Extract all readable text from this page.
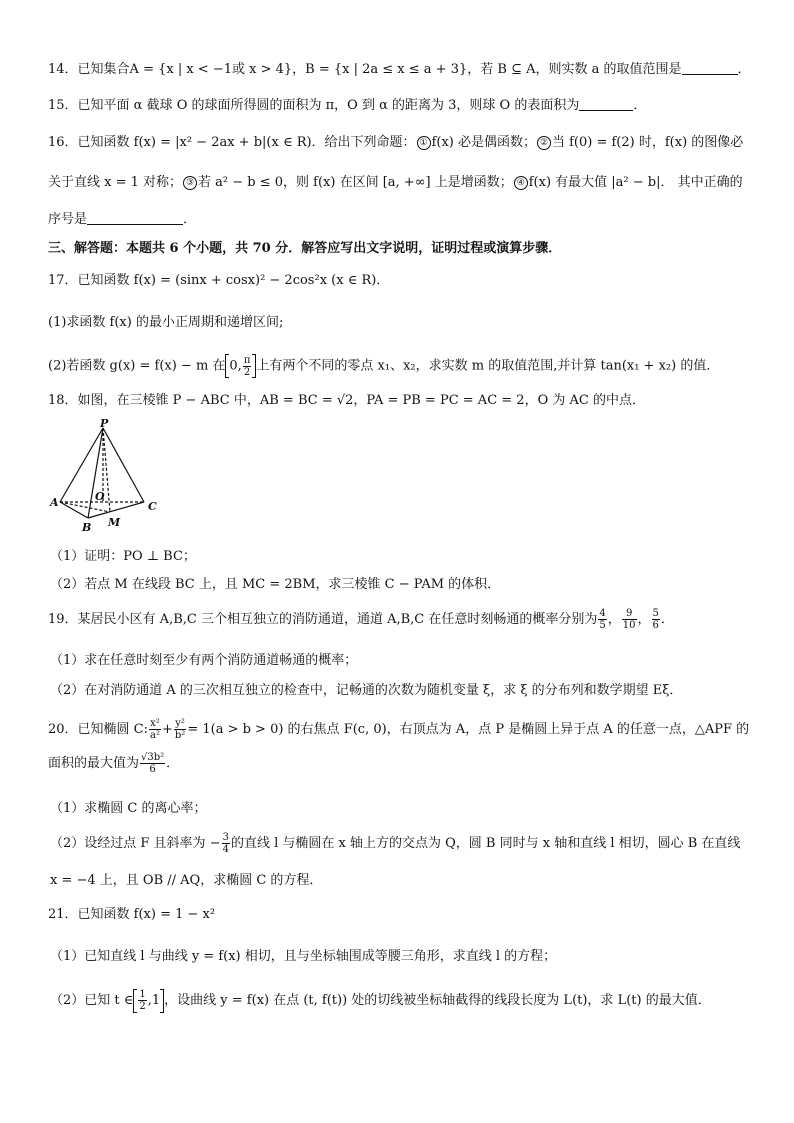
14．已知集合A = {x | x < −1或 x > 4}，B = {x | 2a ≤ x ≤ a + 3}，若 B ⊆ A，则实数 a 的取值范围是	．
15．已知平面 α 截球 O 的球面所得圆的面积为 π，O 到 α 的距离为 3，则球 O 的表面积为	．
16．已知函数 f(x) = |x² − 2ax + b|(x ∈ R)．给出下列命题： ① f(x) 必是偶函数； ② 当 f(0) = f(2) 时，f(x) 的图像必
关于直线 x = 1 对称； ③ 若 a² − b ≤ 0，则 f(x) 在区间 [a, +∞] 上是增函数； ④ f(x) 有最大值 |a² − b|． 其中正确的
序号是	．
三、解答题：本题共 6 个小题，共 70 分．解答应写出文字说明，证明过程或演算步骤．
17．已知函数 f(x) = (sinx + cosx)² − 2cos²x (x ∈ R)．
(1)求函数 f(x) 的最小正周期和递增区间;
(2)若函数 g(x) = f(x) − m 在 0, $\frac{\pi}{2}$ 上有两个不同的零点 x₁、x₂，求实数 m 的取值范围,并计算 tan(x₁ + x₂) 的值．
18．如图，在三棱锥 P − ABC 中，AB = BC = √2，PA = PB = PC = AC = 2，O 为 AC 的中点．
P
A
B
C
O
M
（1）证明：PO ⊥ BC；
（2）若点 M 在线段 BC 上，且 MC = 2BM，求三棱锥 C − PAM 的体积．
19．某居民小区有 A,B,C 三个相互独立的消防通道，通道 A,B,C 在任意时刻畅通的概率分别为 $\frac{4}{5}$ ， $\frac{9}{10}$ ， $\frac{5}{6}$ ．
（1）求在任意时刻至少有两个消防通道畅通的概率；
（2）在对消防通道 A 的三次相互独立的检查中，记畅通的次数为随机变量 ξ，求 ξ 的分布列和数学期望 Eξ．
20．已知椭圆 C: $\frac{\text{x²}}{\text{a²}} + \frac{\text{y²}}{\text{b²}} = 1(a > b > 0)$ 的右焦点 F(c, 0)，右顶点为 A，点 P 是椭圆上异于点 A 的任意一点，△APF 的
面积的最大值为 $\frac{\text{√3b²}}{6}$ ．
（1）求椭圆 C 的离心率；
（2）设经过点 F 且斜率为 − $\frac{3}{4}$ 的直线 l 与椭圆在 x 轴上方的交点为 Q，圆 B 同时与 x 轴和直线 l 相切，圆心 B 在直线
x = −4 上，且 OB // AQ，求椭圆 C 的方程．
21．已知函数 f(x) = 1 − x²
（1）已知直线 l 与曲线 y = f(x) 相切，且与坐标轴围成等腰三角形，求直线 l 的方程；
（2）已知 t ∈ $\frac{1}{2} ,1$ ，设曲线 y = f(x) 在点 (t, f(t)) 处的切线被坐标轴截得的线段长度为 L(t)，求 L(t) 的最大值．
